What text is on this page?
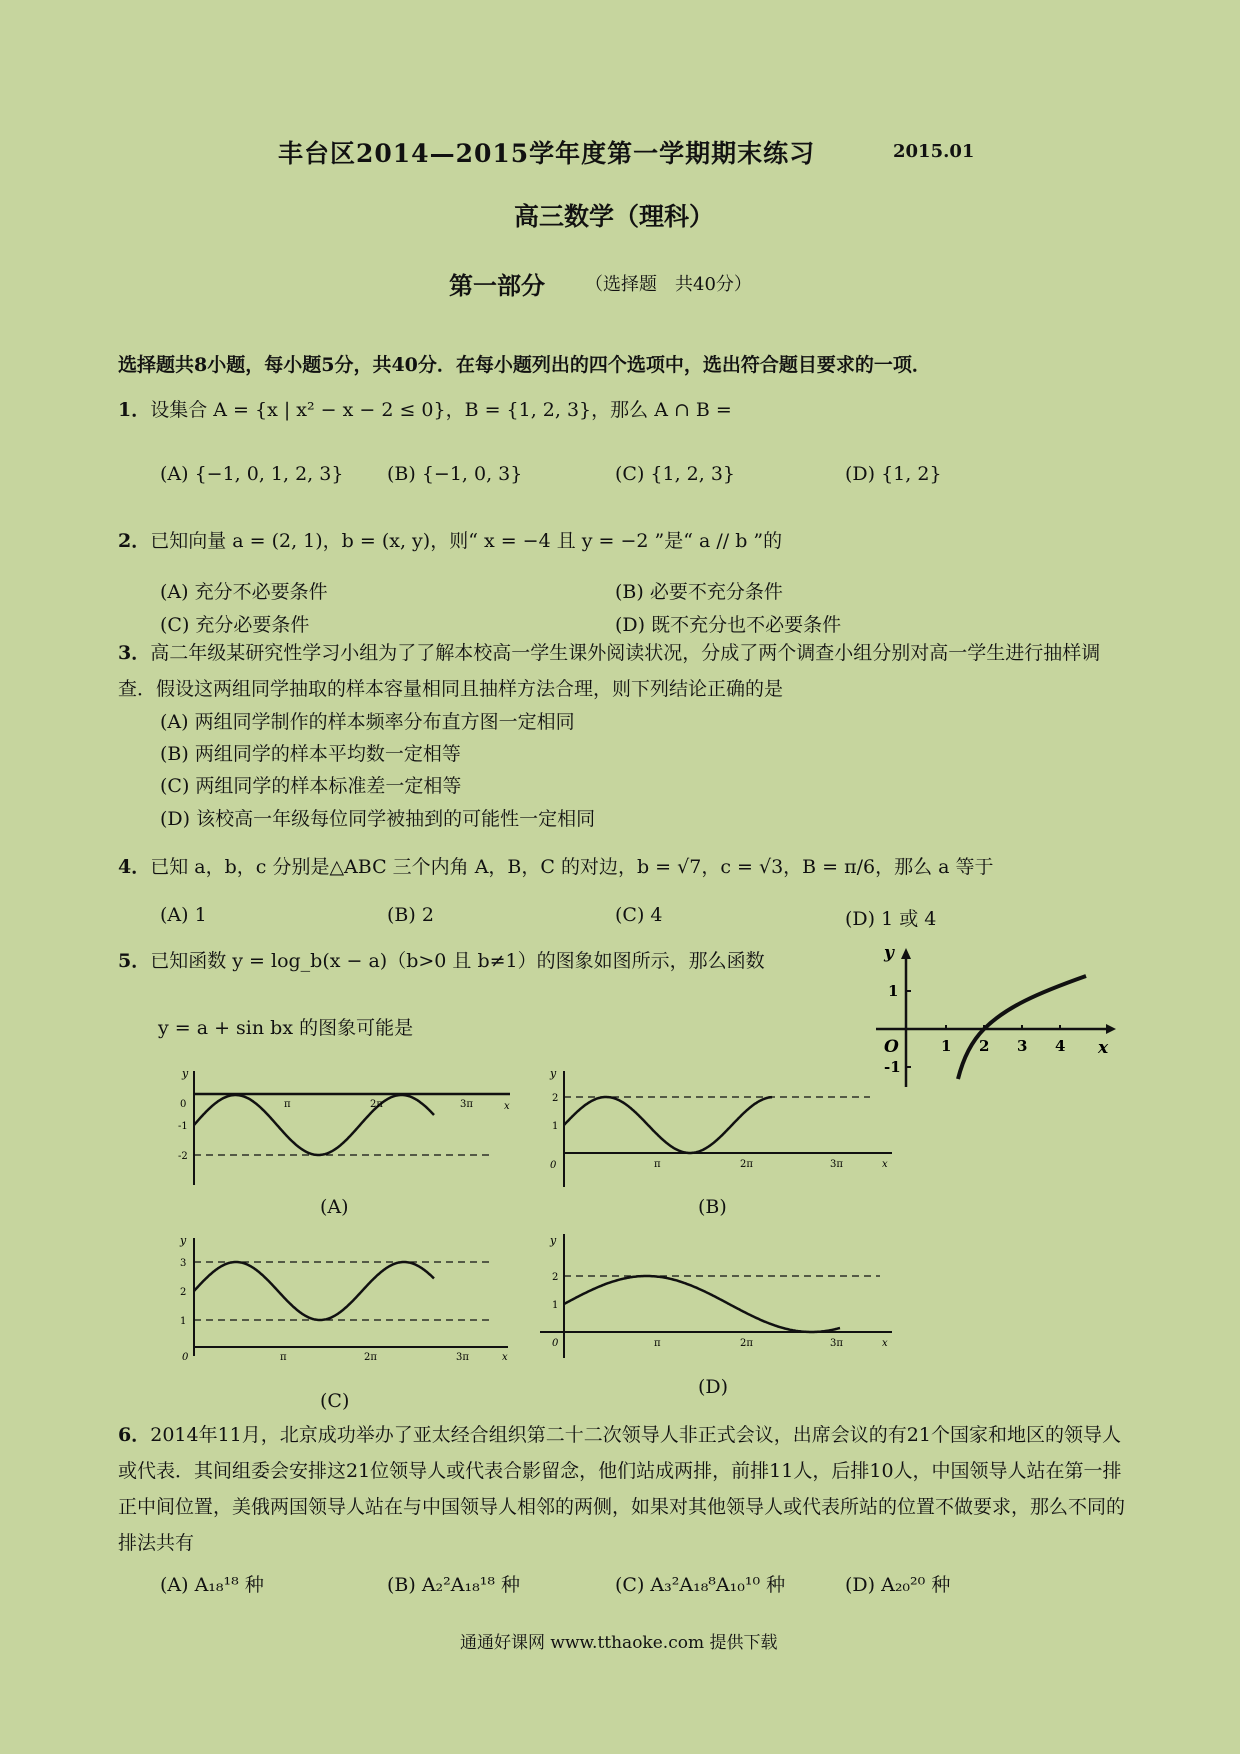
丰台区2014—2015学年度第一学期期末练习	2015.01
高三数学（理科）
第一部分 （选择题　共40分）
选择题共8小题，每小题5分，共40分．在每小题列出的四个选项中，选出符合题目要求的一项．
1．设集合 A = {x | x² − x − 2 ≤ 0}，B = {1, 2, 3}，那么 A ∩ B =
(A) {−1, 0, 1, 2, 3} (B) {−1, 0, 3}	(C) {1, 2, 3}	(D) {1, 2}
2．已知向量 a = (2, 1)，b = (x, y)，则“ x = −4 且 y = −2 ”是“ a // b ”的
(A) 充分不必要条件	(B) 必要不充分条件
(C) 充分必要条件	(D) 既不充分也不必要条件
3．高二年级某研究性学习小组为了了解本校高一学生课外阅读状况，分成了两个调查小组分别对高一学生进行抽样调查．假设这两组同学抽取的样本容量相同且抽样方法合理，则下列结论正确的是
(A) 两组同学制作的样本频率分布直方图一定相同
(B) 两组同学的样本平均数一定相等
(C) 两组同学的样本标准差一定相等
(D) 该校高一年级每位同学被抽到的可能性一定相同
4．已知 a，b，c 分别是△ABC 三个内角 A，B，C 的对边，b = √7，c = √3，B = π/6，那么 a 等于
(A) 1	(B) 2	(C) 4	(D) 1 或 4
5．已知函数 y = log_b(x − a)（b>0 且 b≠1）的图象如图所示，那么函数
y = a + sin bx 的图象可能是
y
x
O	1 2 3 4
1
-1
y
x
0
-1
-2
π	2π	3π
(A)
y
x
0
2
1
π	2π	3π
(B)
y
x
0
3
2
1
π	2π	3π
(C)
y
x
0
2
1
π	2π	3π
(D)
6．2014年11月，北京成功举办了亚太经合组织第二十二次领导人非正式会议，出席会议的有21个国家和地区的领导人或代表．其间组委会安排这21位领导人或代表合影留念，他们站成两排，前排11人，后排10人，中国领导人站在第一排正中间位置，美俄两国领导人站在与中国领导人相邻的两侧，如果对其他领导人或代表所站的位置不做要求，那么不同的排法共有
(A) A₁₈¹⁸ 种	(B) A₂²A₁₈¹⁸ 种	(C) A₃²A₁₈⁸A₁₀¹⁰ 种	(D) A₂₀²⁰ 种
通通好课网 www.tthaoke.com 提供下载
